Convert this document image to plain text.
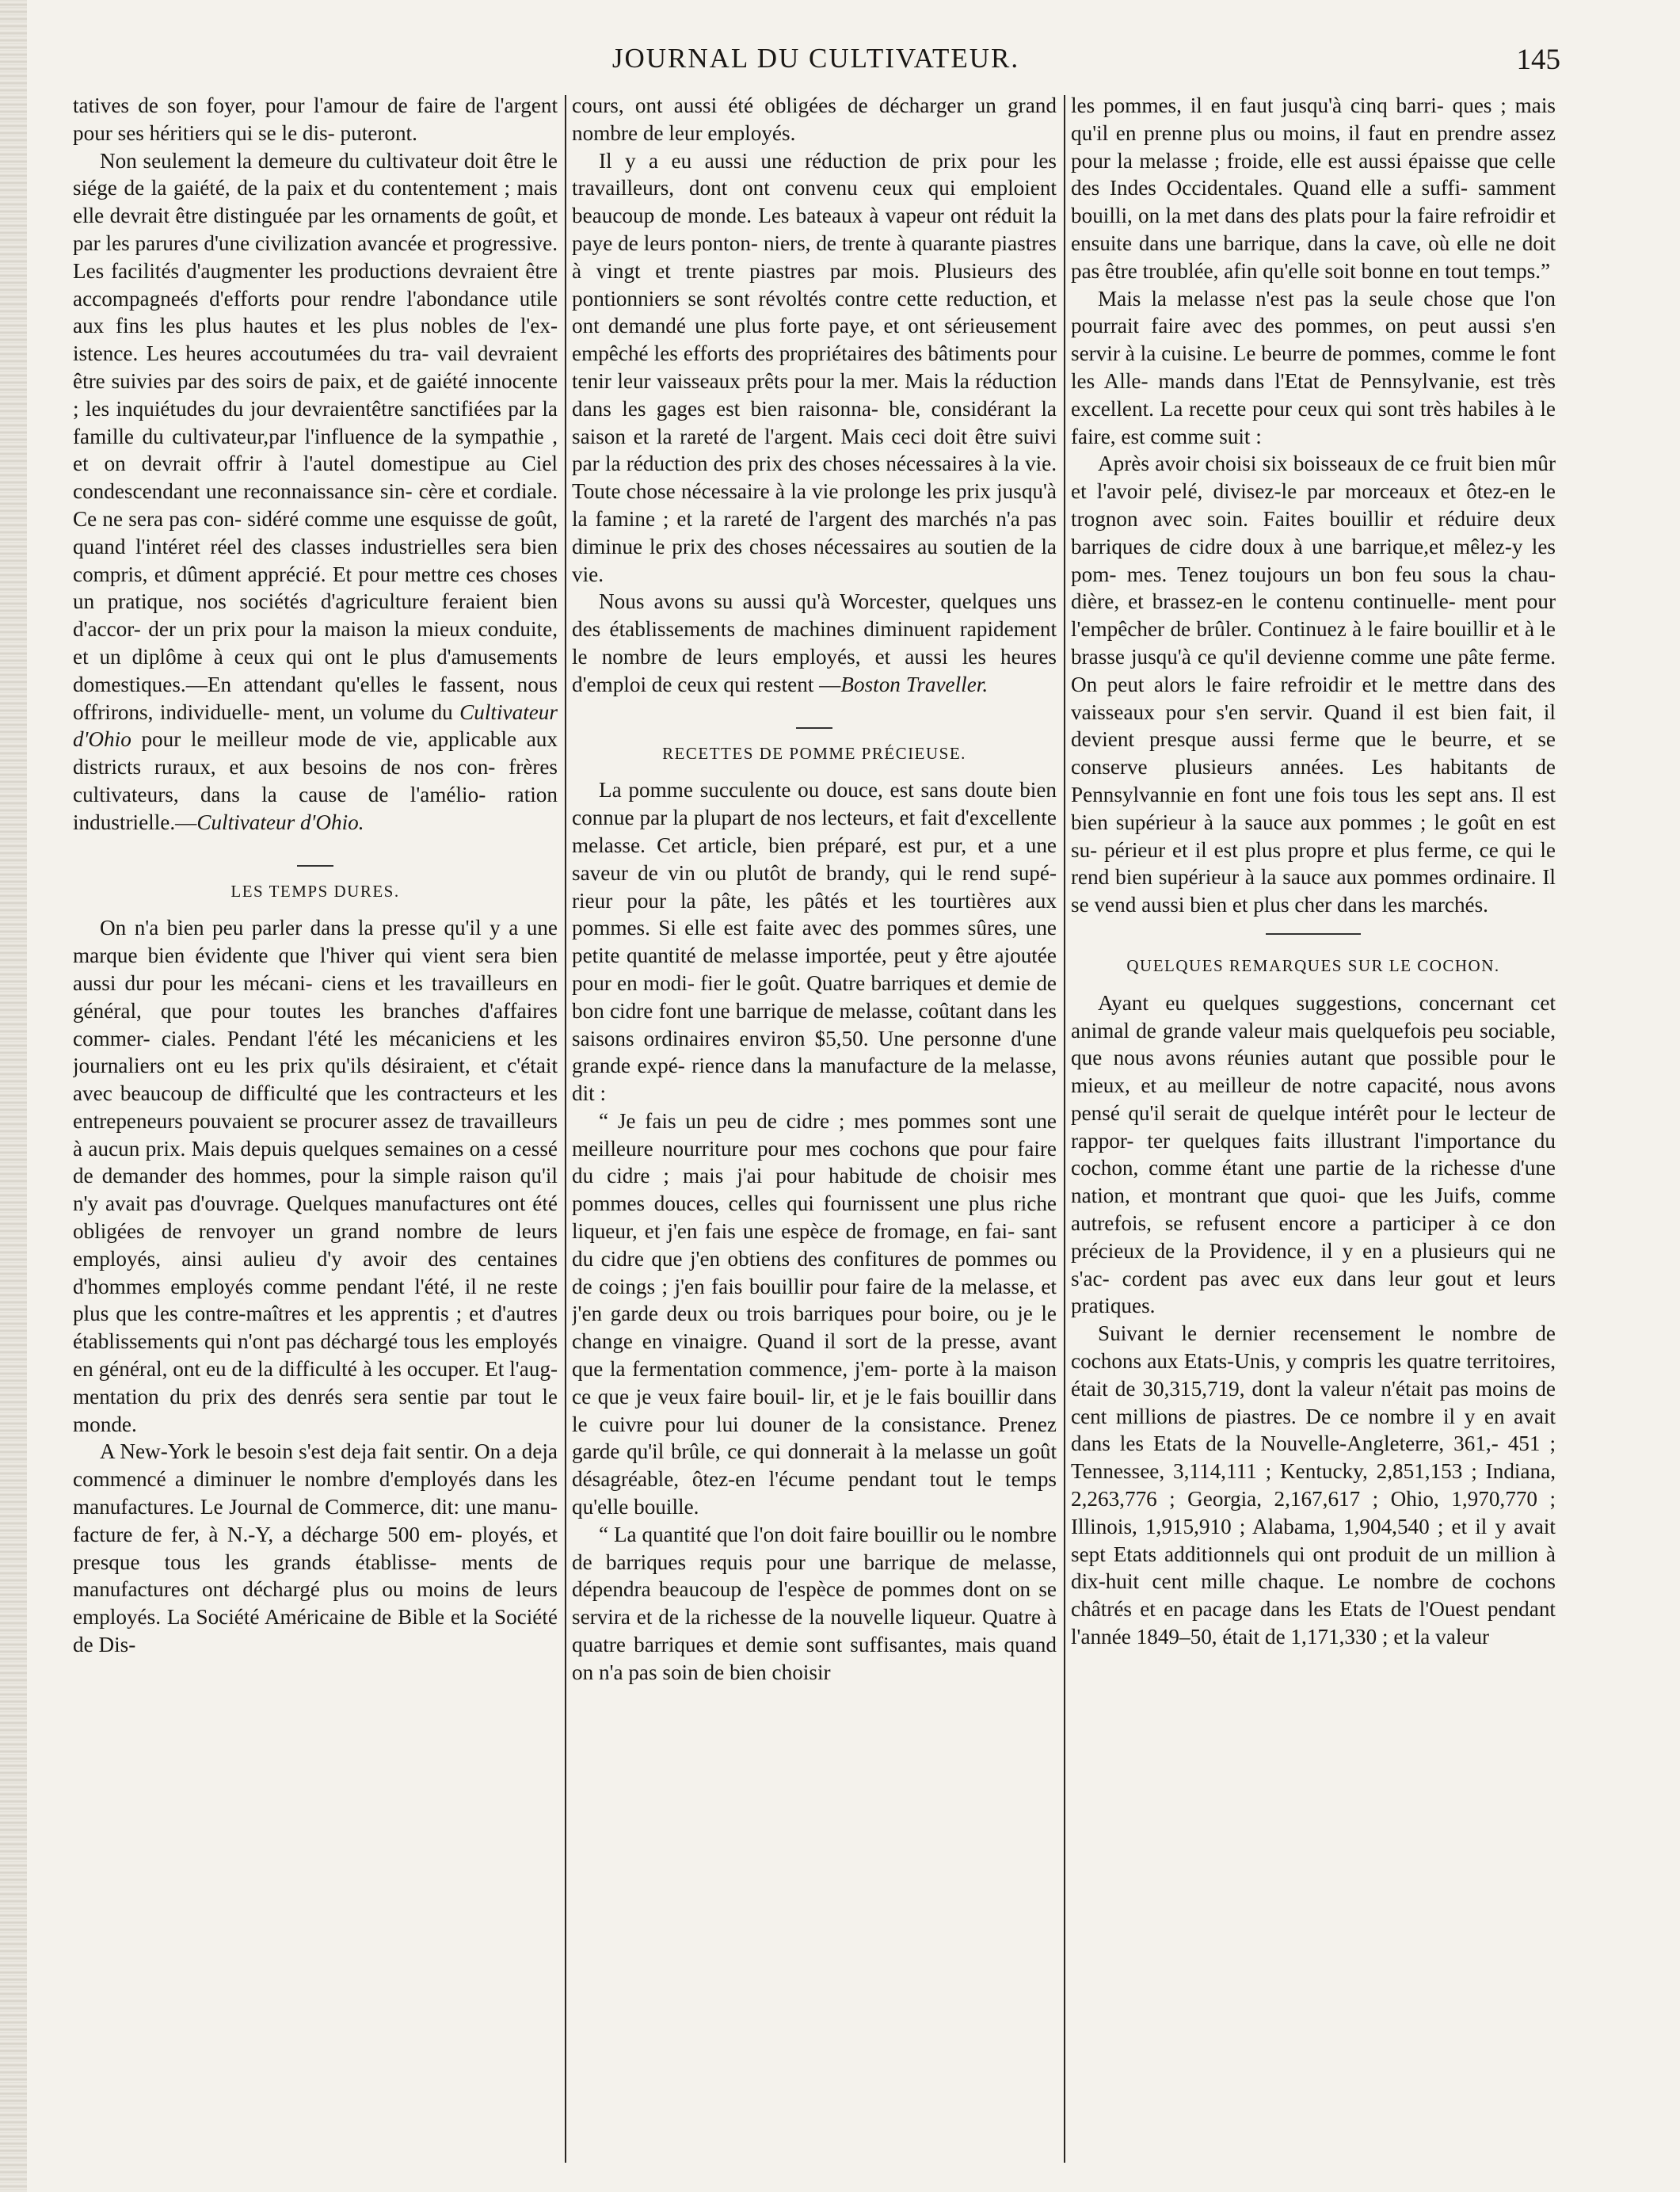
JOURNAL DU CULTIVATEUR.	145

tatives de son foyer, pour l'amour de faire de l'argent pour ses héritiers qui se le dis- puteront.

Non seulement la demeure du cultivateur doit être le siége de la gaiété, de la paix et du contentement ; mais elle devrait être distinguée par les ornaments de goût, et par les parures d'une civilization avancée et progressive. Les facilités d'augmenter les productions devraient être accompagneés d'efforts pour rendre l'abondance utile aux fins les plus hautes et les plus nobles de l'ex- istence. Les heures accoutumées du tra- vail devraient être suivies par des soirs de paix, et de gaiété innocente ; les inquiétudes du jour devraientêtre sanctifiées par la famille du cultivateur,par l'influence de la sympathie , et on devrait offrir à l'autel domestipue au Ciel condescendant une reconnaissance sin- cère et cordiale. Ce ne sera pas con- sidéré comme une esquisse de goût, quand l'intéret réel des classes industrielles sera bien compris, et dûment apprécié. Et pour mettre ces choses un pratique, nos sociétés d'agriculture feraient bien d'accor- der un prix pour la maison la mieux conduite, et un diplôme à ceux qui ont le plus d'amusements domestiques.—En attendant qu'elles le fassent, nous offrirons, individuelle- ment, un volume du Cultivateur d'Ohio pour le meilleur mode de vie, applicable aux districts ruraux, et aux besoins de nos con- frères cultivateurs, dans la cause de l'amélio- ration industrielle.—Cultivateur d'Ohio.

LES TEMPS DURES.

On n'a bien peu parler dans la presse qu'il y a une marque bien évidente que l'hiver qui vient sera bien aussi dur pour les mécani- ciens et les travailleurs en général, que pour toutes les branches d'affaires commer- ciales. Pendant l'été les mécaniciens et les journaliers ont eu les prix qu'ils désiraient, et c'était avec beaucoup de difficulté que les contracteurs et les entrepeneurs pouvaient se procurer assez de travailleurs à aucun prix. Mais depuis quelques semaines on a cessé de demander des hommes, pour la simple raison qu'il n'y avait pas d'ouvrage. Quelques manufactures ont été obligées de renvoyer un grand nombre de leurs employés, ainsi aulieu d'y avoir des centaines d'hommes employés comme pendant l'été, il ne reste plus que les contre-maîtres et les apprentis ; et d'autres établissements qui n'ont pas déchargé tous les employés en général, ont eu de la difficulté à les occuper. Et l'aug- mentation du prix des denrés sera sentie par tout le monde.

A New-York le besoin s'est deja fait sentir. On a deja commencé a diminuer le nombre d'employés dans les manufactures. Le Journal de Commerce, dit: une manu- facture de fer, à N.-Y, a décharge 500 em- ployés, et presque tous les grands établisse- ments de manufactures ont déchargé plus ou moins de leurs employés. La Société Américaine de Bible et la Société de Dis-

cours, ont aussi été obligées de décharger un grand nombre de leur employés.

Il y a eu aussi une réduction de prix pour les travailleurs, dont ont convenu ceux qui emploient beaucoup de monde. Les bateaux à vapeur ont réduit la paye de leurs ponton- niers, de trente à quarante piastres à vingt et trente piastres par mois. Plusieurs des pontionniers se sont révoltés contre cette reduction, et ont demandé une plus forte paye, et ont sérieusement empêché les efforts des propriétaires des bâtiments pour tenir leur vaisseaux prêts pour la mer. Mais la réduction dans les gages est bien raisonna- ble, considérant la saison et la rareté de l'argent. Mais ceci doit être suivi par la réduction des prix des choses nécessaires à la vie. Toute chose nécessaire à la vie prolonge les prix jusqu'à la famine ; et la rareté de l'argent des marchés n'a pas diminue le prix des choses nécessaires au soutien de la vie.

Nous avons su aussi qu'à Worcester, quelques uns des établissements de machines diminuent rapidement le nombre de leurs employés, et aussi les heures d'emploi de ceux qui restent —Boston Traveller.

RECETTES DE POMME PRÉCIEUSE.

La pomme succulente ou douce, est sans doute bien connue par la plupart de nos lecteurs, et fait d'excellente melasse. Cet article, bien préparé, est pur, et a une saveur de vin ou plutôt de brandy, qui le rend supé- rieur pour la pâte, les pâtés et les tourtières aux pommes. Si elle est faite avec des pommes sûres, une petite quantité de melasse importée, peut y être ajoutée pour en modi- fier le goût. Quatre barriques et demie de bon cidre font une barrique de melasse, coûtant dans les saisons ordinaires environ $5,50. Une personne d'une grande expé- rience dans la manufacture de la melasse, dit :

“ Je fais un peu de cidre ; mes pommes sont une meilleure nourriture pour mes cochons que pour faire du cidre ; mais j'ai pour habitude de choisir mes pommes douces, celles qui fournissent une plus riche liqueur, et j'en fais une espèce de fromage, en fai- sant du cidre que j'en obtiens des confitures de pommes ou de coings ; j'en fais bouillir pour faire de la melasse, et j'en garde deux ou trois barriques pour boire, ou je le change en vinaigre. Quand il sort de la presse, avant que la fermentation commence, j'em- porte à la maison ce que je veux faire bouil- lir, et je le fais bouillir dans le cuivre pour lui douner de la consistance. Prenez garde qu'il brûle, ce qui donnerait à la melasse un goût désagréable, ôtez-en l'écume pendant tout le temps qu'elle bouille.

“ La quantité que l'on doit faire bouillir ou le nombre de barriques requis pour une barrique de melasse, dépendra beaucoup de l'espèce de pommes dont on se servira et de la richesse de la nouvelle liqueur. Quatre à quatre barriques et demie sont suffisantes, mais quand on n'a pas soin de bien choisir

les pommes, il en faut jusqu'à cinq barri- ques ; mais qu'il en prenne plus ou moins, il faut en prendre assez pour la melasse ; froide, elle est aussi épaisse que celle des Indes Occidentales. Quand elle a suffi- samment bouilli, on la met dans des plats pour la faire refroidir et ensuite dans une barrique, dans la cave, où elle ne doit pas être troublée, afin qu'elle soit bonne en tout temps.”

Mais la melasse n'est pas la seule chose que l'on pourrait faire avec des pommes, on peut aussi s'en servir à la cuisine. Le beurre de pommes, comme le font les Alle- mands dans l'Etat de Pennsylvanie, est très excellent. La recette pour ceux qui sont très habiles à le faire, est comme suit :

Après avoir choisi six boisseaux de ce fruit bien mûr et l'avoir pelé, divisez-le par morceaux et ôtez-en le trognon avec soin. Faites bouillir et réduire deux barriques de cidre doux à une barrique,et mêlez-y les pom- mes. Tenez toujours un bon feu sous la chau- dière, et brassez-en le contenu continuelle- ment pour l'empêcher de brûler. Continuez à le faire bouillir et à le brasse jusqu'à ce qu'il devienne comme une pâte ferme. On peut alors le faire refroidir et le mettre dans des vaisseaux pour s'en servir. Quand il est bien fait, il devient presque aussi ferme que le beurre, et se conserve plusieurs années. Les habitants de Pennsylvannie en font une fois tous les sept ans. Il est bien supérieur à la sauce aux pommes ; le goût en est su- périeur et il est plus propre et plus ferme, ce qui le rend bien supérieur à la sauce aux pommes ordinaire. Il se vend aussi bien et plus cher dans les marchés.

QUELQUES REMARQUES SUR LE COCHON.

Ayant eu quelques suggestions, concernant cet animal de grande valeur mais quelquefois peu sociable, que nous avons réunies autant que possible pour le mieux, et au meilleur de notre capacité, nous avons pensé qu'il serait de quelque intérêt pour le lecteur de rappor- ter quelques faits illustrant l'importance du cochon, comme étant une partie de la richesse d'une nation, et montrant que quoi- que les Juifs, comme autrefois, se refusent encore a participer à ce don précieux de la Providence, il y en a plusieurs qui ne s'ac- cordent pas avec eux dans leur gout et leurs pratiques.

Suivant le dernier recensement le nombre de cochons aux Etats-Unis, y compris les quatre territoires, était de 30,315,719, dont la valeur n'était pas moins de cent millions de piastres. De ce nombre il y en avait dans les Etats de la Nouvelle-Angleterre, 361,- 451 ; Tennessee, 3,114,111 ; Kentucky, 2,851,153 ; Indiana, 2,263,776 ; Georgia, 2,167,617 ; Ohio, 1,970,770 ; Illinois, 1,915,910 ; Alabama, 1,904,540 ; et il y avait sept Etats additionnels qui ont produit de un million à dix-huit cent mille chaque. Le nombre de cochons châtrés et en pacage dans les Etats de l'Ouest pendant l'année 1849–50, était de 1,171,330 ; et la valeur
